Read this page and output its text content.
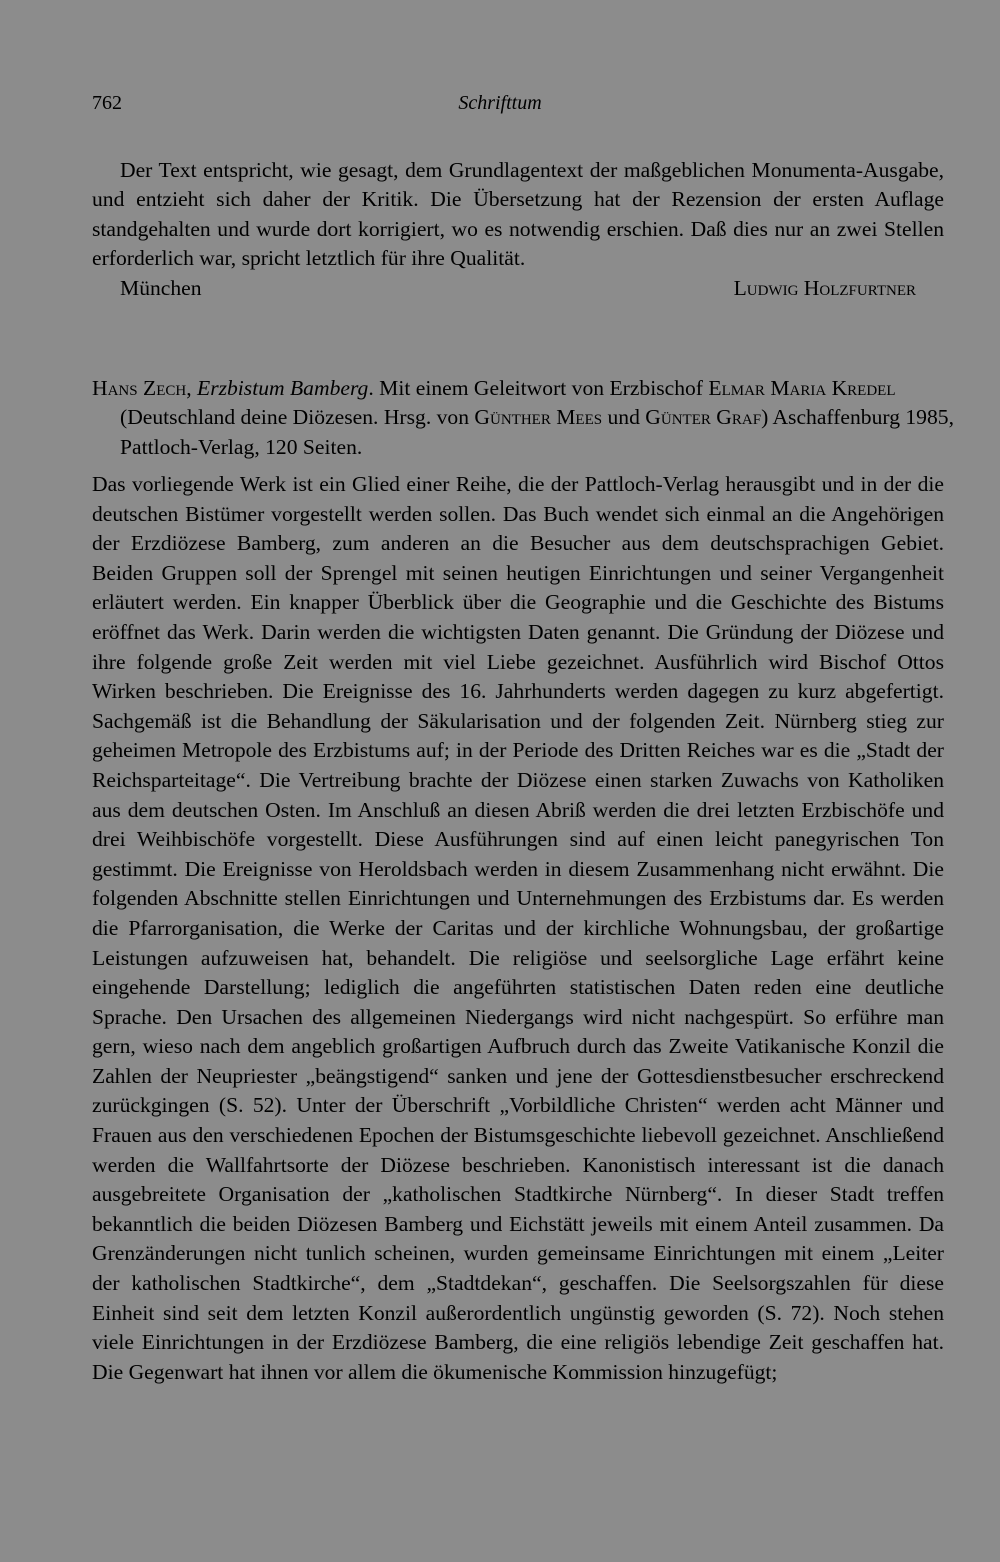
762	Schrifttum

Der Text entspricht, wie gesagt, dem Grundlagentext der maßgeblichen Monumenta-Ausgabe, und entzieht sich daher der Kritik. Die Übersetzung hat der Rezension der ersten Auflage standgehalten und wurde dort korrigiert, wo es notwendig erschien. Daß dies nur an zwei Stellen erforderlich war, spricht letztlich für ihre Qualität.

München	Ludwig Holzfurtner
Hans Zech, Erzbistum Bamberg. Mit einem Geleitwort von Erzbischof Elmar Maria Kredel (Deutschland deine Diözesen. Hrsg. von Günther Mees und Günter Graf) Aschaffenburg 1985, Pattloch-Verlag, 120 Seiten.

Das vorliegende Werk ist ein Glied einer Reihe, die der Pattloch-Verlag herausgibt und in der die deutschen Bistümer vorgestellt werden sollen. Das Buch wendet sich einmal an die Angehörigen der Erzdiözese Bamberg, zum anderen an die Besucher aus dem deutschsprachigen Gebiet. Beiden Gruppen soll der Sprengel mit seinen heutigen Einrichtungen und seiner Vergangenheit erläutert werden. Ein knapper Überblick über die Geographie und die Geschichte des Bistums eröffnet das Werk. Darin werden die wichtigsten Daten genannt. Die Gründung der Diözese und ihre folgende große Zeit werden mit viel Liebe gezeichnet. Ausführlich wird Bischof Ottos Wirken beschrieben. Die Ereignisse des 16. Jahrhunderts werden dagegen zu kurz abgefertigt. Sachgemäß ist die Behandlung der Säkularisation und der folgenden Zeit. Nürnberg stieg zur geheimen Metropole des Erzbistums auf; in der Periode des Dritten Reiches war es die „Stadt der Reichsparteitage“. Die Vertreibung brachte der Diözese einen starken Zuwachs von Katholiken aus dem deutschen Osten. Im Anschluß an diesen Abriß werden die drei letzten Erzbischöfe und drei Weihbischöfe vorgestellt. Diese Ausführungen sind auf einen leicht panegyrischen Ton gestimmt. Die Ereignisse von Heroldsbach werden in diesem Zusammenhang nicht erwähnt. Die folgenden Abschnitte stellen Einrichtungen und Unternehmungen des Erzbistums dar. Es werden die Pfarrorganisation, die Werke der Caritas und der kirchliche Wohnungsbau, der großartige Leistungen aufzuweisen hat, behandelt. Die religiöse und seelsorgliche Lage erfährt keine eingehende Darstellung; lediglich die angeführten statistischen Daten reden eine deutliche Sprache. Den Ursachen des allgemeinen Niedergangs wird nicht nachgespürt. So erführe man gern, wieso nach dem angeblich großartigen Aufbruch durch das Zweite Vatikanische Konzil die Zahlen der Neupriester „beängstigend“ sanken und jene der Gottesdienstbesucher erschreckend zurückgingen (S. 52). Unter der Überschrift „Vorbildliche Christen“ werden acht Männer und Frauen aus den verschiedenen Epochen der Bistumsgeschichte liebevoll gezeichnet. Anschließend werden die Wallfahrtsorte der Diözese beschrieben. Kanonistisch interessant ist die danach ausgebreitete Organisation der „katholischen Stadtkirche Nürnberg“. In dieser Stadt treffen bekanntlich die beiden Diözesen Bamberg und Eichstätt jeweils mit einem Anteil zusammen. Da Grenzänderungen nicht tunlich scheinen, wurden gemeinsame Einrichtungen mit einem „Leiter der katholischen Stadtkirche“, dem „Stadtdekan“, geschaffen. Die Seelsorgszahlen für diese Einheit sind seit dem letzten Konzil außerordentlich ungünstig geworden (S. 72). Noch stehen viele Einrichtungen in der Erzdiözese Bamberg, die eine religiös lebendige Zeit geschaffen hat. Die Gegenwart hat ihnen vor allem die ökumenische Kommission hinzugefügt;
